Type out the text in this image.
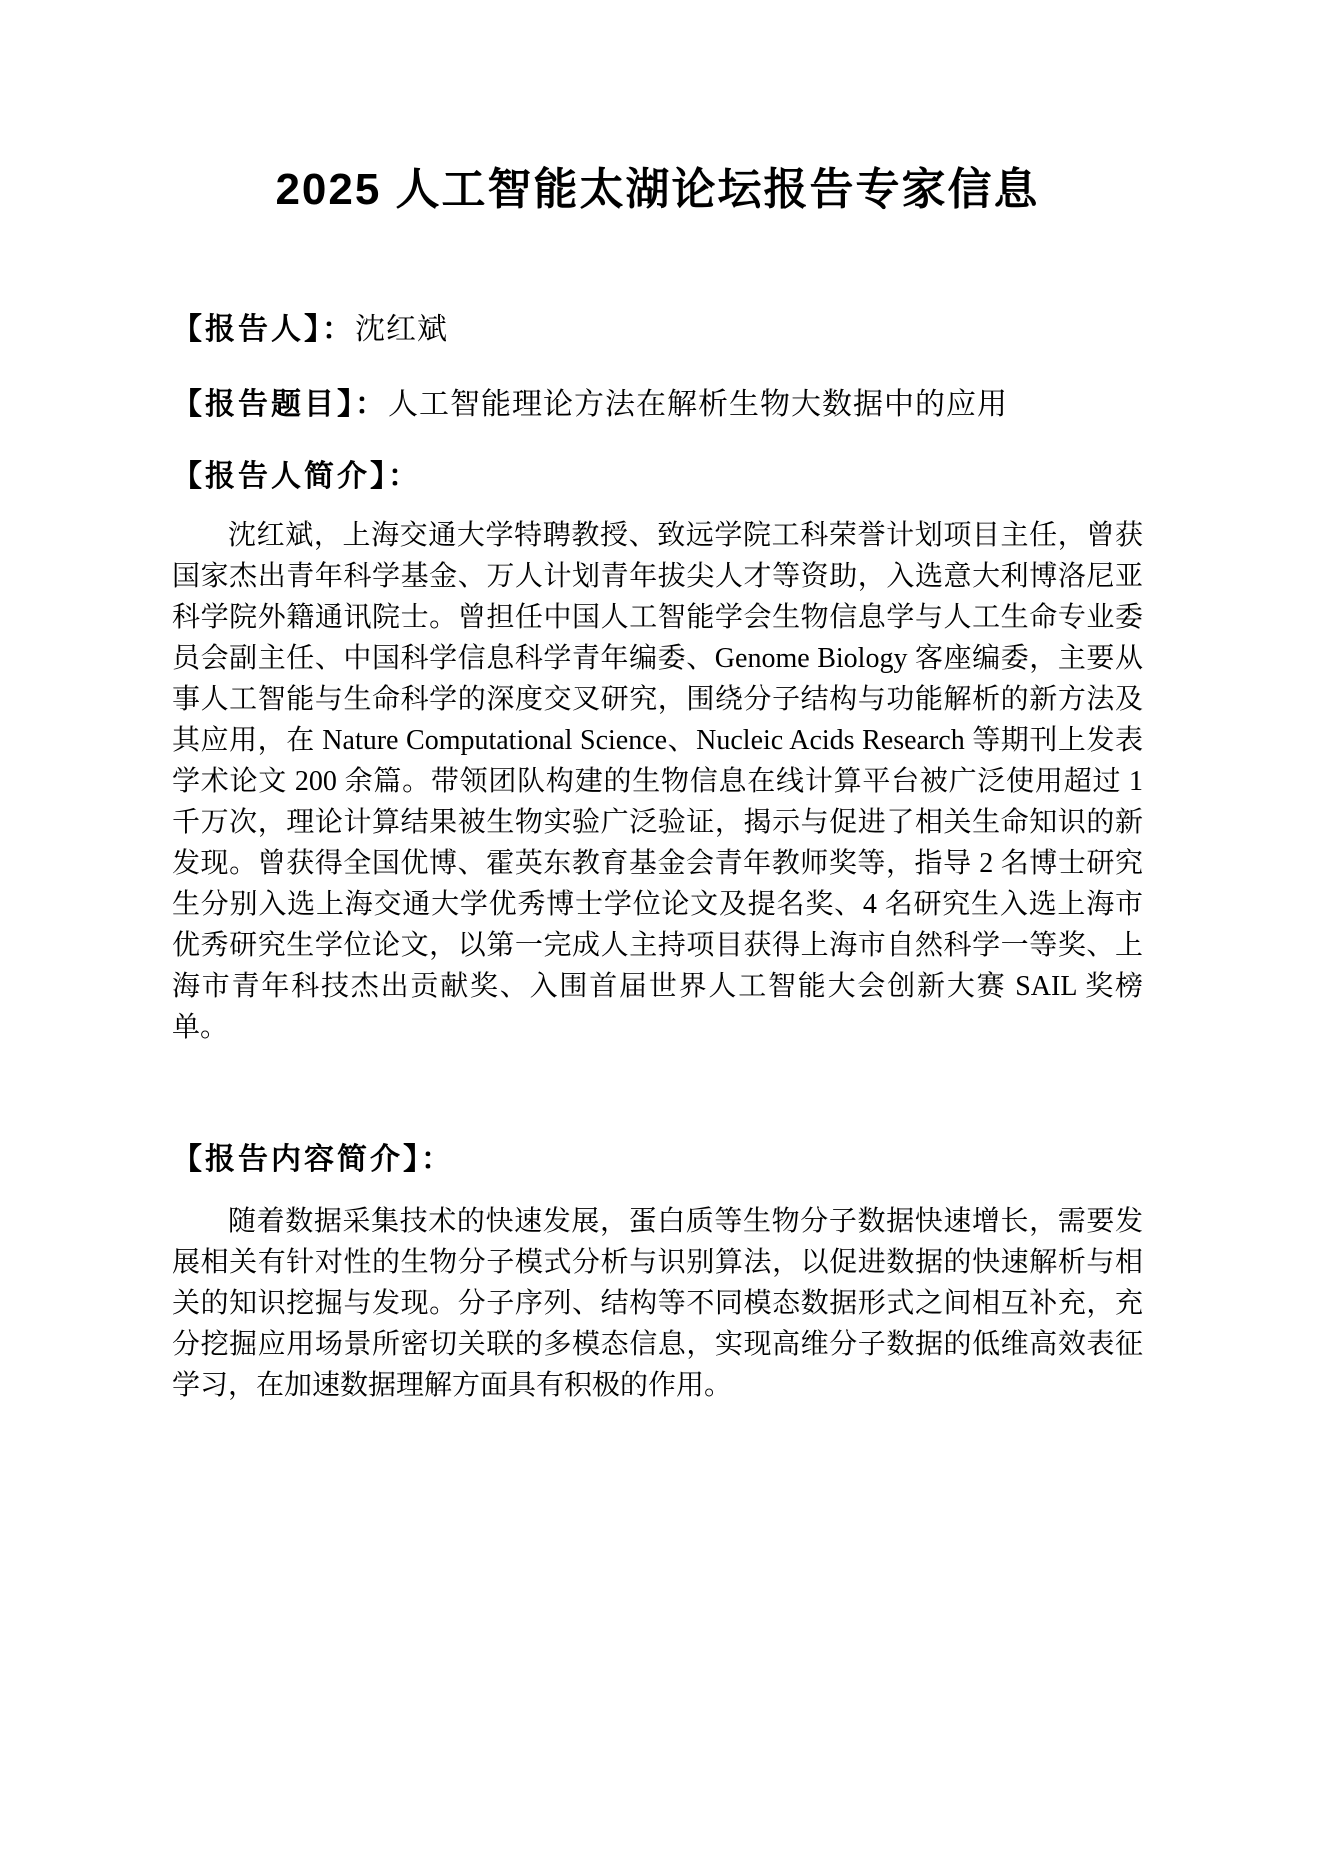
2025 人工智能太湖论坛报告专家信息
【报告人】：沈红斌
【报告题目】：人工智能理论方法在解析生物大数据中的应用
【报告人简介】：

沈红斌，上海交通大学特聘教授、致远学院工科荣誉计划项目主任，曾获国家杰出青年科学基金、万人计划青年拔尖人才等资助，入选意大利博洛尼亚科学院外籍通讯院士。曾担任中国人工智能学会生物信息学与人工生命专业委员会副主任、中国科学信息科学青年编委、Genome Biology 客座编委，主要从事人工智能与生命科学的深度交叉研究，围绕分子结构与功能解析的新方法及其应用，在 Nature Computational Science、Nucleic Acids Research 等期刊上发表学术论文 200 余篇。带领团队构建的生物信息在线计算平台被广泛使用超过 1 千万次，理论计算结果被生物实验广泛验证，揭示与促进了相关生命知识的新发现。曾获得全国优博、霍英东教育基金会青年教师奖等，指导 2 名博士研究生分别入选上海交通大学优秀博士学位论文及提名奖、4 名研究生入选上海市优秀研究生学位论文，以第一完成人主持项目获得上海市自然科学一等奖、上海市青年科技杰出贡献奖、入围首届世界人工智能大会创新大赛 SAIL 奖榜单。

【报告内容简介】：

随着数据采集技术的快速发展，蛋白质等生物分子数据快速增长，需要发展相关有针对性的生物分子模式分析与识别算法，以促进数据的快速解析与相关的知识挖掘与发现。分子序列、结构等不同模态数据形式之间相互补充，充分挖掘应用场景所密切关联的多模态信息，实现高维分子数据的低维高效表征学习，在加速数据理解方面具有积极的作用。
